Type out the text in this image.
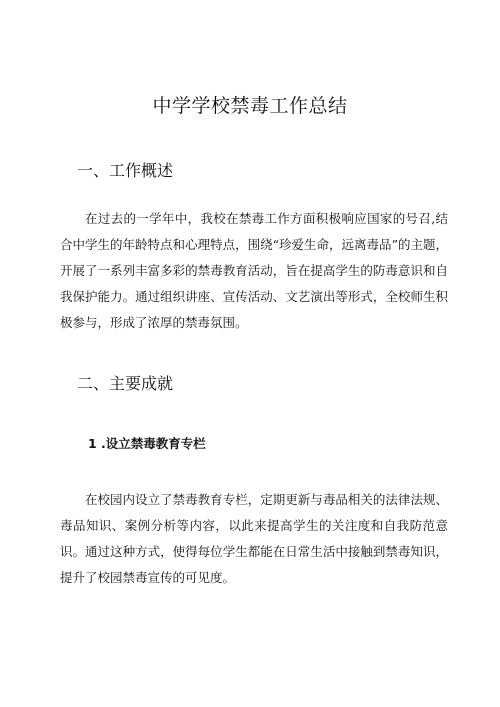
中学学校禁毒工作总结
一、工作概述

在过去的一学年中，我校在禁毒工作方面积极响应国家的号召,结合中学生的年龄特点和心理特点，围绕“珍爱生命，远离毒品”的主题，开展了一系列丰富多彩的禁毒教育活动，旨在提高学生的防毒意识和自我保护能力。通过组织讲座、宣传活动、文艺演出等形式，全校师生积极参与，形成了浓厚的禁毒氛围。

二、主要成就
1 .设立禁毒教育专栏

在校园内设立了禁毒教育专栏，定期更新与毒品相关的法律法规、毒品知识、案例分析等内容，以此来提高学生的关注度和自我防范意识。通过这种方式，使得每位学生都能在日常生活中接触到禁毒知识，提升了校园禁毒宣传的可见度。
